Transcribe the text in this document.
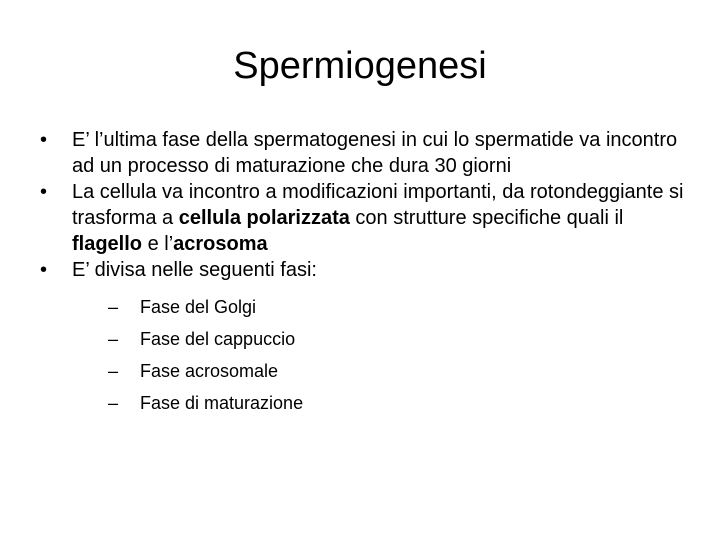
Spermiogenesi
•	E’ l’ultima fase della spermatogenesi in cui lo spermatide va incontro ad un processo di maturazione che dura 30 giorni
•	La cellula va incontro a modificazioni importanti, da rotondeggiante si trasforma a cellula polarizzata con strutture specifiche quali il flagello e l’acrosoma
•	E’ divisa nelle seguenti fasi:
– Fase del Golgi
– Fase del cappuccio
– Fase acrosomale
– Fase di maturazione
